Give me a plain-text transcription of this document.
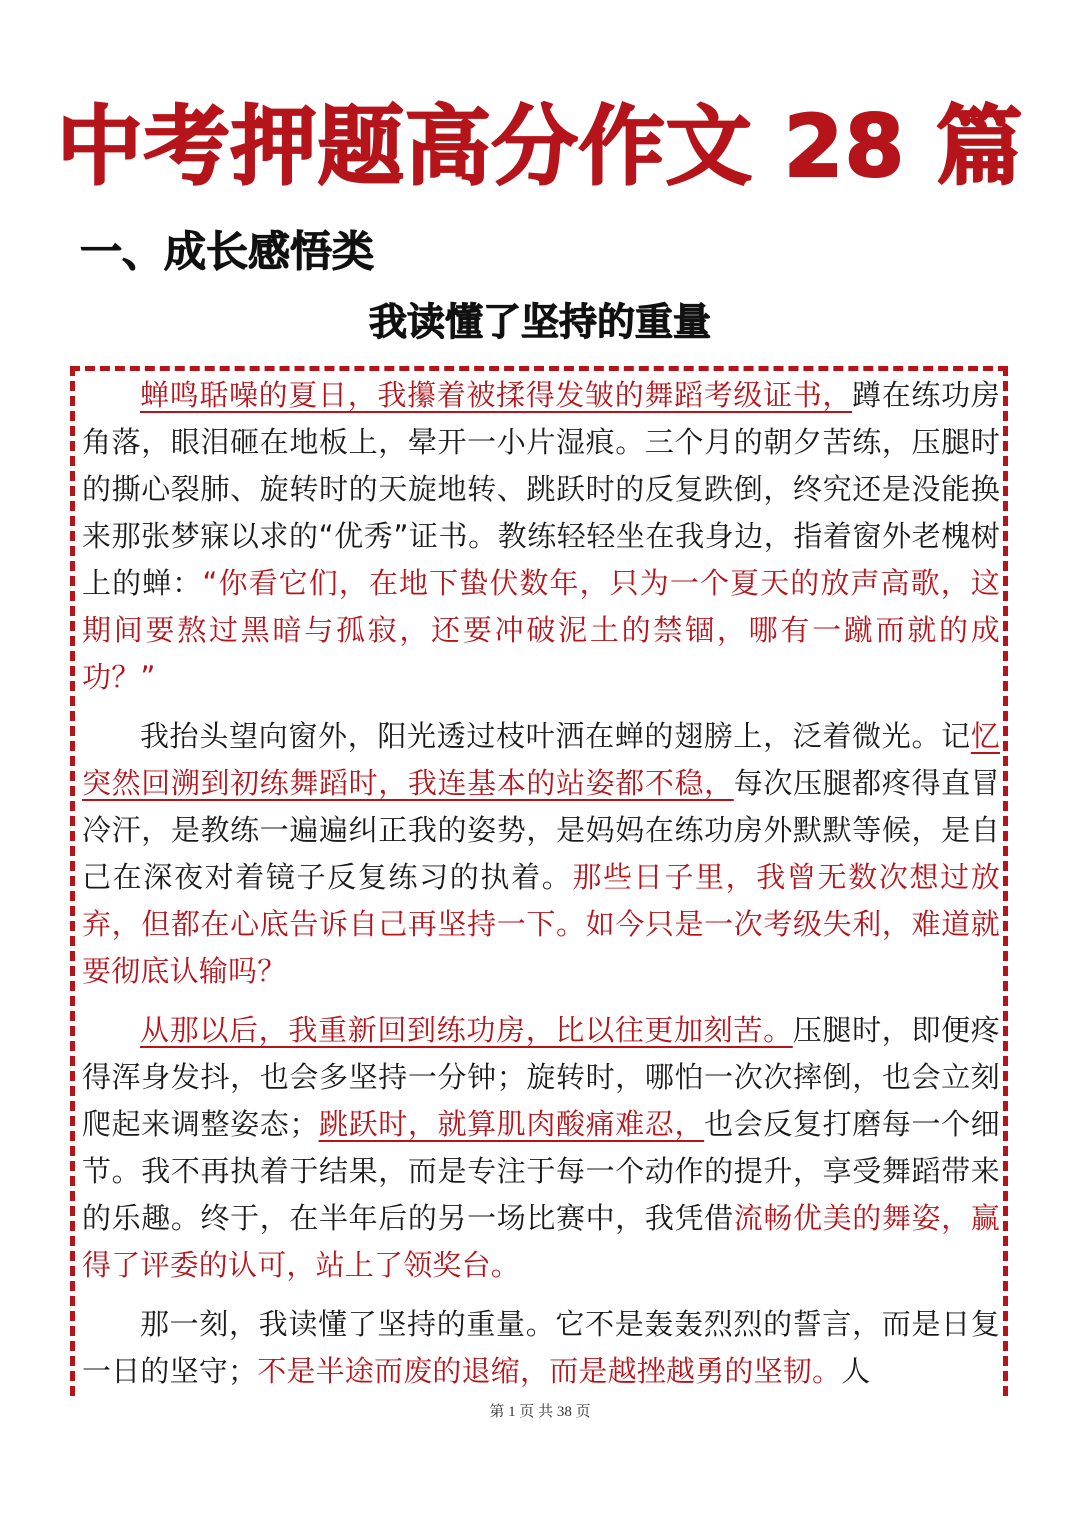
中考押题高分作文 28 篇
一、成长感悟类
我读懂了坚持的重量

蝉鸣聒噪的夏日，我攥着被揉得发皱的舞蹈考级证书，蹲在练功房角落，眼泪砸在地板上，晕开一小片湿痕。三个月的朝夕苦练，压腿时的撕心裂肺、旋转时的天旋地转、跳跃时的反复跌倒，终究还是没能换来那张梦寐以求的“优秀”证书。教练轻轻坐在我身边，指着窗外老槐树上的蝉：“你看它们，在地下蛰伏数年，只为一个夏天的放声高歌，这期间要熬过黑暗与孤寂，还要冲破泥土的禁锢，哪有一蹴而就的成功？”

我抬头望向窗外，阳光透过枝叶洒在蝉的翅膀上，泛着微光。记忆突然回溯到初练舞蹈时，我连基本的站姿都不稳，每次压腿都疼得直冒冷汗，是教练一遍遍纠正我的姿势，是妈妈在练功房外默默等候，是自己在深夜对着镜子反复练习的执着。那些日子里，我曾无数次想过放弃，但都在心底告诉自己再坚持一下。如今只是一次考级失利，难道就要彻底认输吗？

从那以后，我重新回到练功房，比以往更加刻苦。压腿时，即便疼得浑身发抖，也会多坚持一分钟；旋转时，哪怕一次次摔倒，也会立刻爬起来调整姿态；跳跃时，就算肌肉酸痛难忍，也会反复打磨每一个细节。我不再执着于结果，而是专注于每一个动作的提升，享受舞蹈带来的乐趣。终于，在半年后的另一场比赛中，我凭借流畅优美的舞姿，赢得了评委的认可，站上了领奖台。

那一刻，我读懂了坚持的重量。它不是轰轰烈烈的誓言，而是日复一日的坚守；不是半途而废的退缩，而是越挫越勇的坚韧。人

第 1 页 共 38 页
